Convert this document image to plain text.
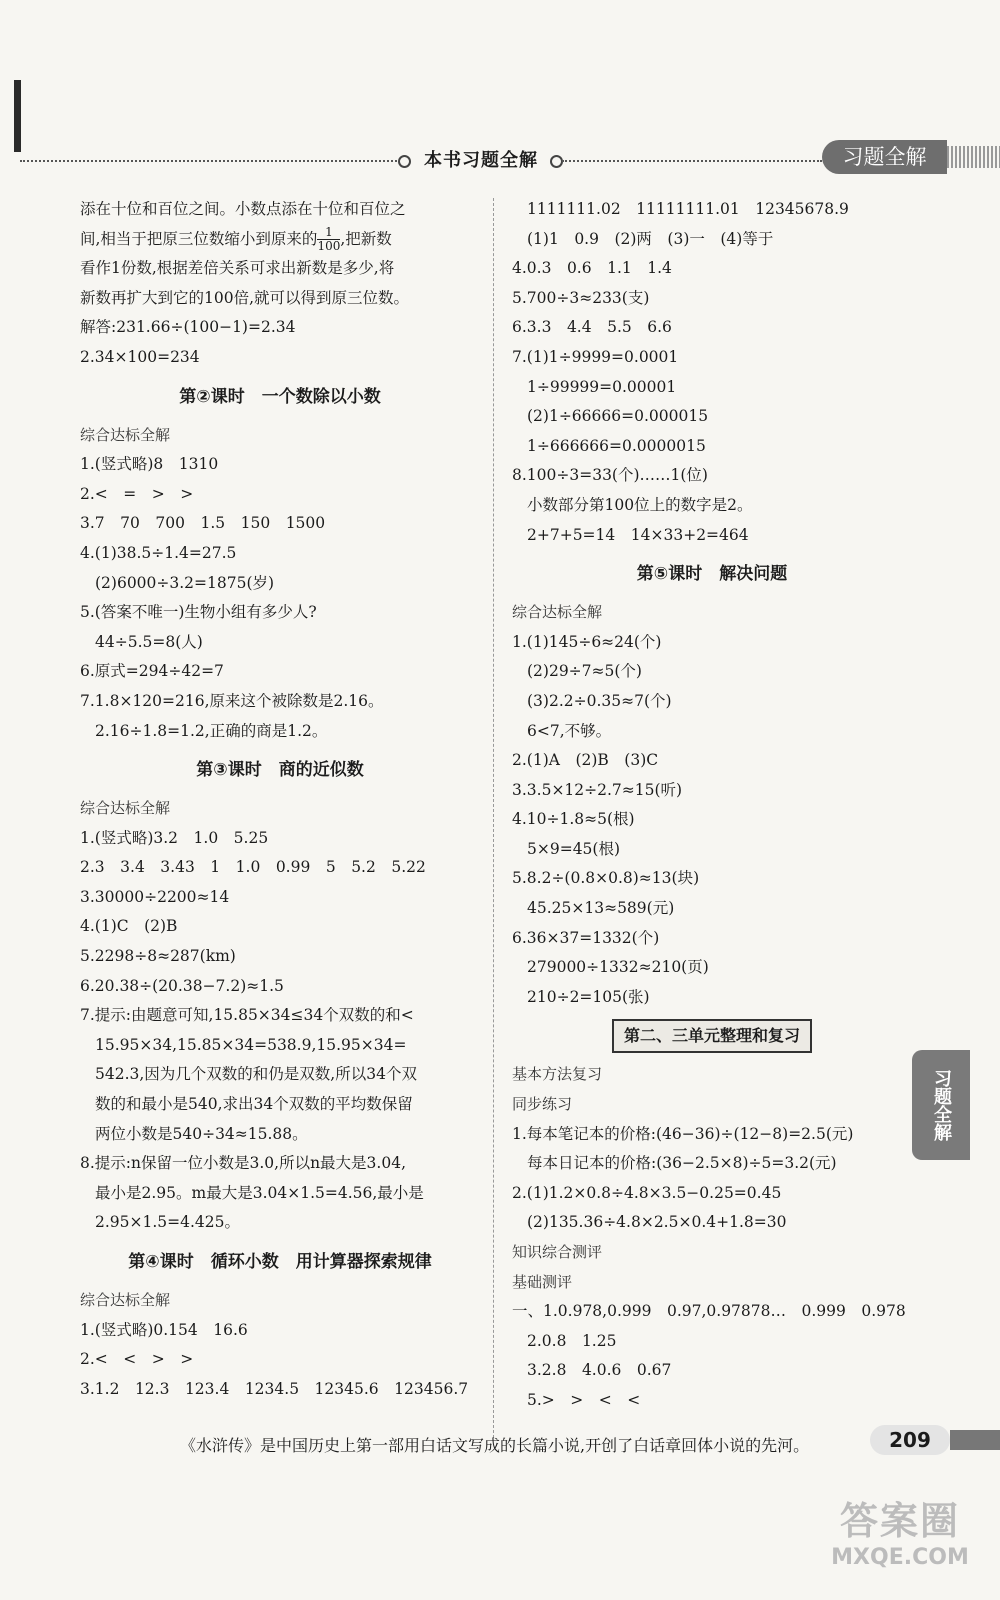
本书习题全解	习题全解
添在十位和百位之间。小数点添在十位和百位之
间,相当于把原三位数缩小到原来的 $\frac{1}{100}$ ,把新数
看作1份数,根据差倍关系可求出新数是多少,将
新数再扩大到它的100倍,就可以得到原三位数。
解答:231.66÷(100−1)=2.34
2.34×100=234
第②课时　一个数除以小数
综合达标全解
1.(竖式略)8　1310
2.<　=　>　>
3.7　70　700　1.5　150　1500
4.(1)38.5÷1.4=27.5
(2)6000÷3.2=1875(岁)
5.(答案不唯一)生物小组有多少人?
44÷5.5=8(人)
6.原式=294÷42=7
7.1.8×120=216,原来这个被除数是2.16。
2.16÷1.8=1.2,正确的商是1.2。
第③课时　商的近似数
综合达标全解
1.(竖式略)3.2　1.0　5.25
2.3　3.4　3.43　1　1.0　0.99　5　5.2　5.22
3.30000÷2200≈14
4.(1)C　(2)B
5.2298÷8≈287(km)
6.20.38÷(20.38−7.2)≈1.5
7.提示:由题意可知,15.85×34≤34个双数的和<
15.95×34,15.85×34=538.9,15.95×34=
542.3,因为几个双数的和仍是双数,所以34个双
数的和最小是540,求出34个双数的平均数保留
两位小数是540÷34≈15.88。
8.提示:n保留一位小数是3.0,所以n最大是3.04,
最小是2.95。m最大是3.04×1.5=4.56,最小是
2.95×1.5=4.425。
第④课时　循环小数　用计算器探索规律
综合达标全解
1.(竖式略)0.154　16.6
2.<　<　>　>
3.1.2　12.3　123.4　1234.5　12345.6　123456.7
1111111.02　11111111.01　12345678.9
(1)1　0.9　(2)两　(3)一　(4)等于
4.0.3　0.6　1.1　1.4
5.700÷3≈233(支)
6.3.3　4.4　5.5　6.6
7.(1)1÷9999=0.0001
1÷99999=0.00001
(2)1÷66666=0.000015
1÷666666=0.0000015
8.100÷3=33(个)……1(位)
小数部分第100位上的数字是2。
2+7+5=14　14×33+2=464
第⑤课时　解决问题
综合达标全解
1.(1)145÷6≈24(个)
(2)29÷7≈5(个)
(3)2.2÷0.35≈7(个)
6<7,不够。
2.(1)A　(2)B　(3)C
3.3.5×12÷2.7≈15(听)
4.10÷1.8≈5(根)
5×9=45(根)
5.8.2÷(0.8×0.8)≈13(块)
45.25×13≈589(元)
6.36×37=1332(个)
279000÷1332≈210(页)
210÷2=105(张)
第二、三单元整理和复习
基本方法复习
同步练习
1.每本笔记本的价格:(46−36)÷(12−8)=2.5(元)
每本日记本的价格:(36−2.5×8)÷5=3.2(元)
2.(1)1.2×0.8÷4.8×3.5−0.25=0.45
(2)135.36÷4.8×2.5×0.4+1.8=30
知识综合测评
基础测评
一、1.0.978,0.999　0.97,0.97878…　0.999　0.978
2.0.8　1.25
3.2.8　4.0.6　0.67
5.>　>　<　<
习题全解
《水浒传》是中国历史上第一部用白话文写成的长篇小说,开创了白话章回体小说的先河。	209
答案圈
MXQE.COM
